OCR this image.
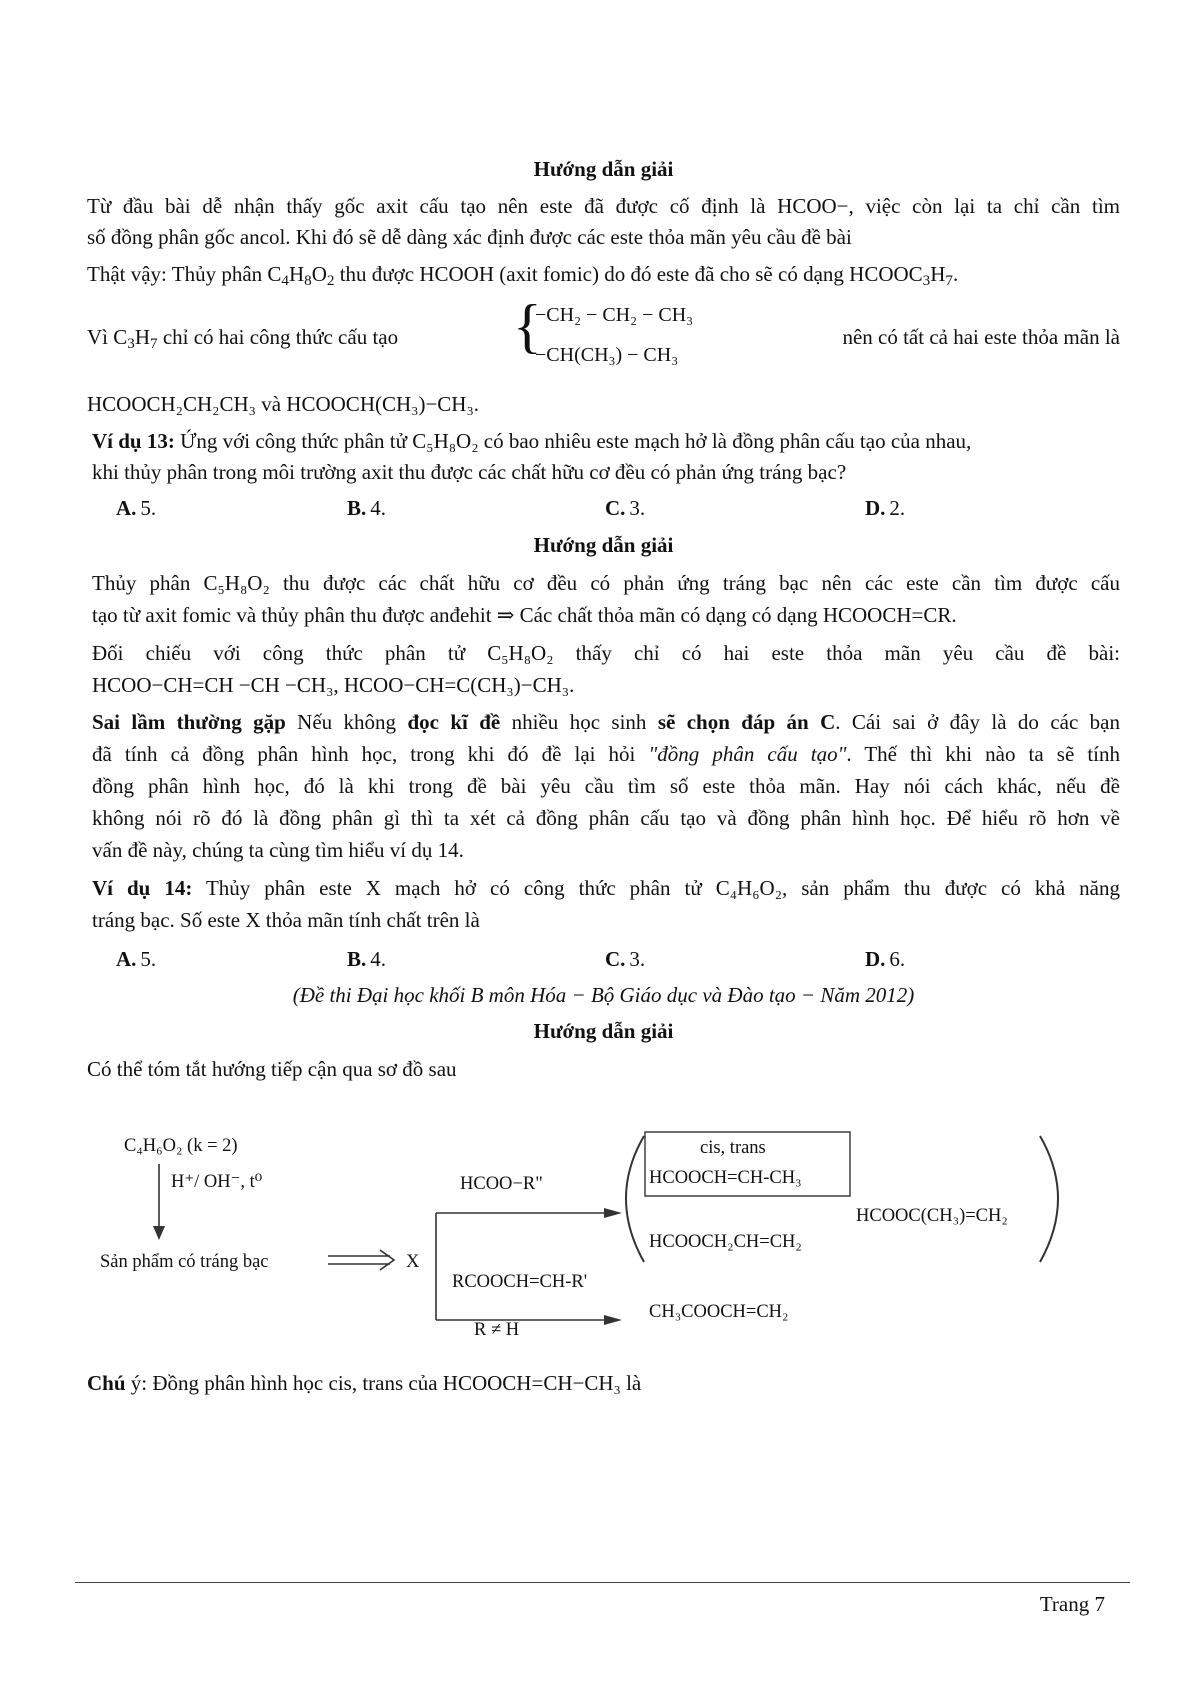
Hướng dẫn giải
Từ đầu bài dễ nhận thấy gốc axit cấu tạo nên este đã được cố định là HCOO−, việc còn lại ta chỉ cần tìm
số đồng phân gốc ancol. Khi đó sẽ dễ dàng xác định được các este thỏa mãn yêu cầu đề bài
Thật vậy: Thủy phân $C_4H_8O_2$ thu được HCOOH (axit fomic) do đó este đã cho sẽ có dạng $HCOOC_3H_7$.
Vì $C_3H_7$ chỉ có hai công thức cấu tạo	{
−CH₂ − CH₂ − CH₃
−CH(CH₃) − CH₃
nên có tất cả hai este thỏa mãn là
HCOOCH₂CH₂CH₃ và HCOOCH(CH₃)−CH₃.
Ví dụ 13: Ứng với công thức phân tử C₅H₈O₂ có bao nhiêu este mạch hở là đồng phân cấu tạo của nhau,
khi thủy phân trong môi trường axit thu được các chất hữu cơ đều có phản ứng tráng bạc?
A. 5.	B. 4.	C. 3.	D. 2.
Hướng dẫn giải
Thủy phân C₅H₈O₂ thu được các chất hữu cơ đều có phản ứng tráng bạc nên các este cần tìm được cấu
tạo từ axit fomic và thủy phân thu được anđehit ⇒ Các chất thỏa mãn có dạng có dạng HCOOCH=CR.
Đối chiếu với công thức phân tử C₅H₈O₂ thấy chỉ có hai este thỏa mãn yêu cầu đề bài:
HCOO−CH=CH −CH −CH₃, HCOO−CH=C(CH₃)−CH₃.
Sai lầm thường gặp Nếu không đọc kĩ đề nhiều học sinh sẽ chọn đáp án C. Cái sai ở đây là do các bạn
đã tính cả đồng phân hình học, trong khi đó đề lại hỏi "đồng phân cấu tạo". Thế thì khi nào ta sẽ tính
đồng phân hình học, đó là khi trong đề bài yêu cầu tìm số este thỏa mãn. Hay nói cách khác, nếu đề
không nói rõ đó là đồng phân gì thì ta xét cả đồng phân cấu tạo và đồng phân hình học. Để hiểu rõ hơn về
vấn đề này, chúng ta cùng tìm hiểu ví dụ 14.
Ví dụ 14: Thủy phân este X mạch hở có công thức phân tử C₄H₆O₂, sản phẩm thu được có khả năng
tráng bạc. Số este X thỏa mãn tính chất trên là
A. 5.	B. 4.	C. 3.	D. 6.
(Đề thi Đại học khối B môn Hóa − Bộ Giáo dục và Đào tạo − Năm 2012)
Hướng dẫn giải
Có thể tóm tắt hướng tiếp cận qua sơ đồ sau
C₄H₆O₂ (k = 2)
H⁺/ OH⁻, t⁰
Sản phẩm có tráng bạc	X
HCOO−R"
RCOOCH=CH-R'
R ≠ H
cis, trans
HCOOCH=CH-CH₃
HCOOCH₂CH=CH₂
HCOOC(CH₃)=CH₂
CH₃COOCH=CH₂
Chú ý: Đồng phân hình học cis, trans của HCOOCH=CH−CH₃ là
Trang 7
